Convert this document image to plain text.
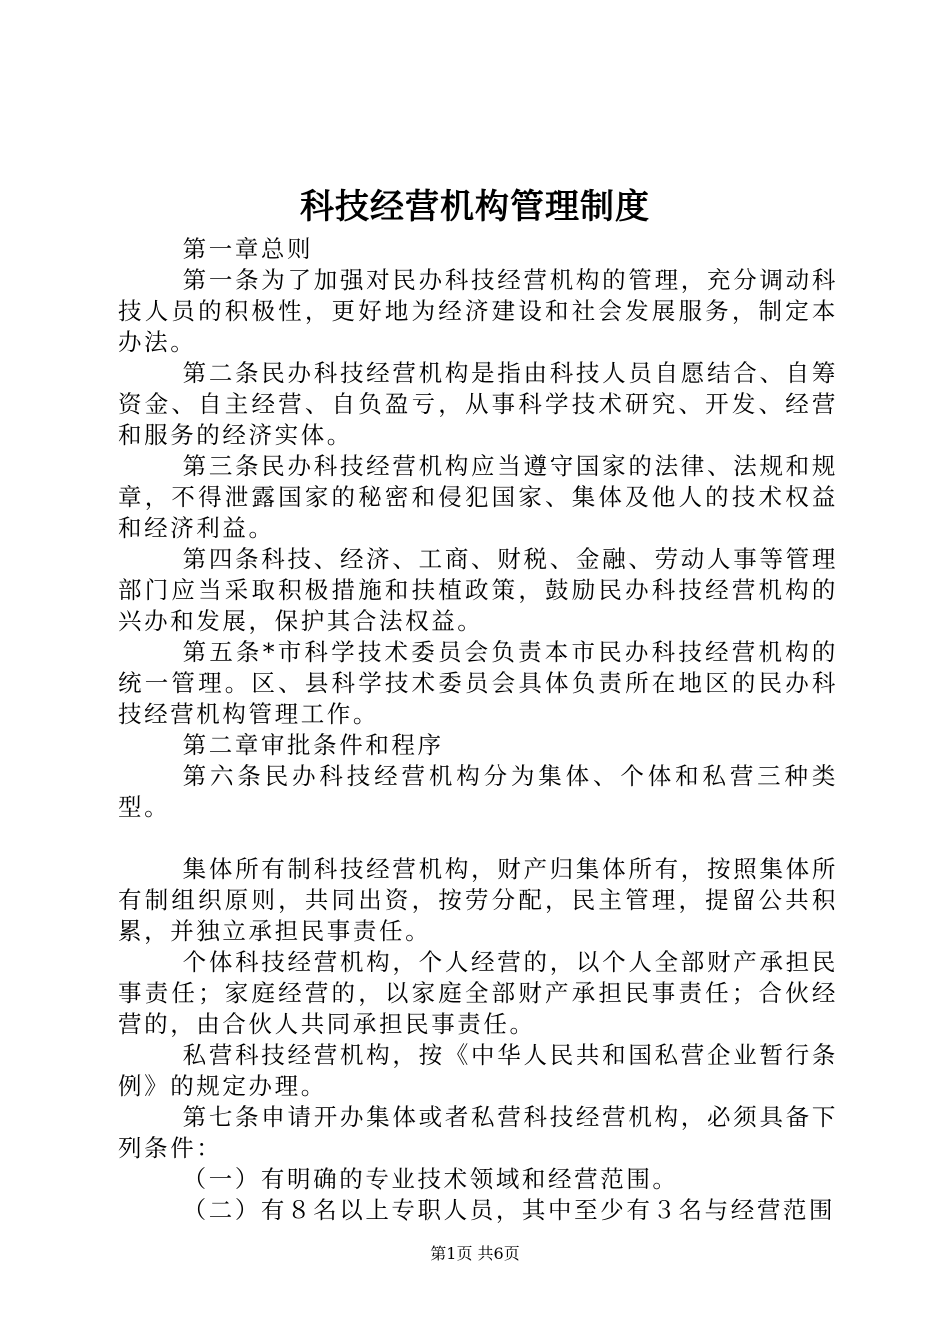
科技经营机构管理制度

第一章总则

第一条为了加强对民办科技经营机构的管理，充分调动科技人员的积极性，更好地为经济建设和社会发展服务，制定本办法。

第二条民办科技经营机构是指由科技人员自愿结合、自筹资金、自主经营、自负盈亏，从事科学技术研究、开发、经营和服务的经济实体。

第三条民办科技经营机构应当遵守国家的法律、法规和规章，不得泄露国家的秘密和侵犯国家、集体及他人的技术权益和经济利益。

第四条科技、经济、工商、财税、金融、劳动人事等管理部门应当采取积极措施和扶植政策，鼓励民办科技经营机构的兴办和发展，保护其合法权益。

第五条*市科学技术委员会负责本市民办科技经营机构的统一管理。区、县科学技术委员会具体负责所在地区的民办科技经营机构管理工作。

第二章审批条件和程序

第六条民办科技经营机构分为集体、个体和私营三种类型。

集体所有制科技经营机构，财产归集体所有，按照集体所有制组织原则，共同出资，按劳分配，民主管理，提留公共积累，并独立承担民事责任。

个体科技经营机构，个人经营的，以个人全部财产承担民事责任；家庭经营的，以家庭全部财产承担民事责任；合伙经营的，由合伙人共同承担民事责任。

私营科技经营机构，按《中华人民共和国私营企业暂行条例》的规定办理。

第七条申请开办集体或者私营科技经营机构，必须具备下列条件：

（一）有明确的专业技术领域和经营范围。

（二）有８名以上专职人员，其中至少有３名与经营范围

第1页 共6页
